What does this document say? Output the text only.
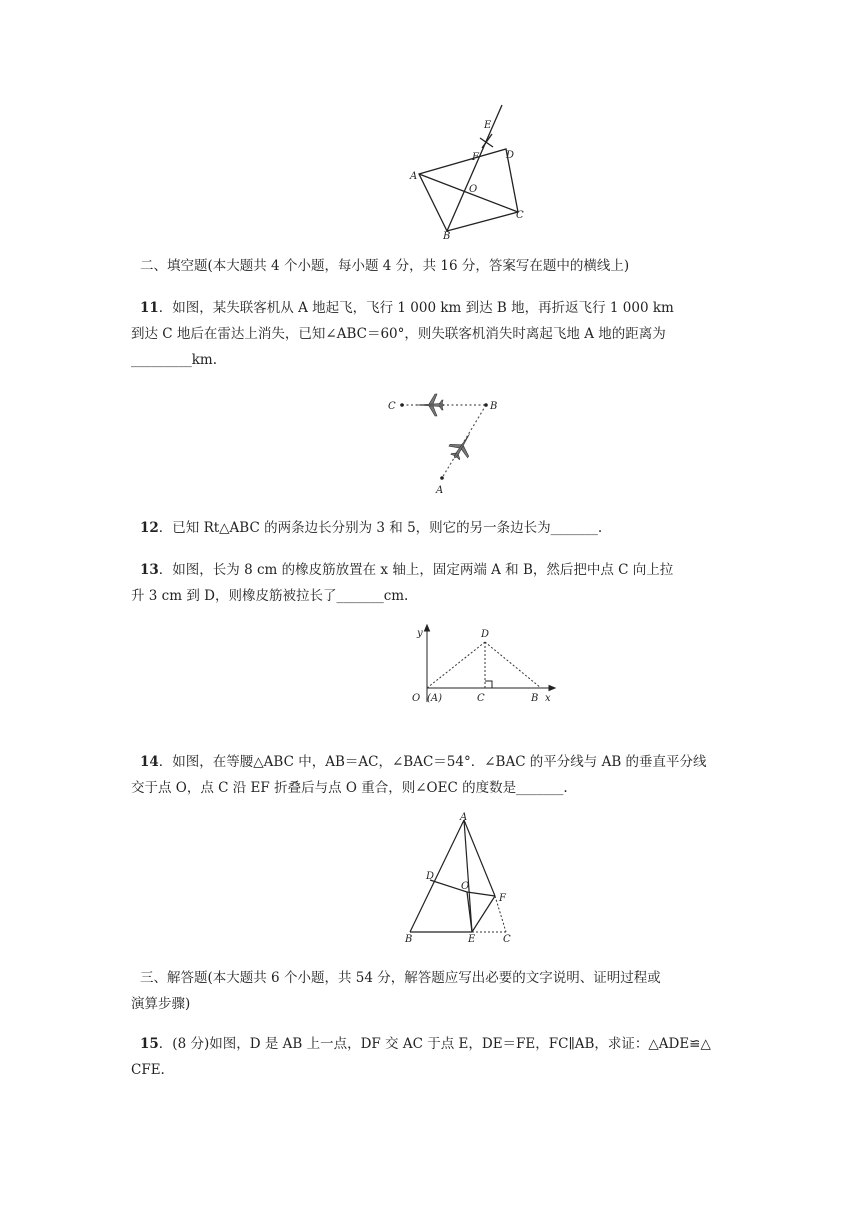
E
F	D
A
O
C
B
二、填空题(本大题共 4 个小题，每小题 4 分，共 16 分，答案写在题中的横线上)
11．如图，某失联客机从 A 地起飞，飞行 1 000 km 到达 B 地，再折返飞行 1 000 km
到达 C 地后在雷达上消失，已知∠ABC＝60°，则失联客机消失时离起飞地 A 地的距离为
_________km.
C	B
A
12．已知 Rt△ABC 的两条边长分别为 3 和 5，则它的另一条边长为_______.
13．如图，长为 8 cm 的橡皮筋放置在 x 轴上，固定两端 A 和 B，然后把中点 C 向上拉
升 3 cm 到 D，则橡皮筋被拉长了_______cm.
y	D
O (A)	C	B x
14．如图，在等腰△ABC 中，AB＝AC，∠BAC＝54°．∠BAC 的平分线与 AB 的垂直平分线
交于点 O，点 C 沿 EF 折叠后与点 O 重合，则∠OEC 的度数是_______.
A
D
O
F
B	E	C
三、解答题(本大题共 6 个小题，共 54 分，解答题应写出必要的文字说明、证明过程或
演算步骤)
15．(8 分)如图，D 是 AB 上一点，DF 交 AC 于点 E，DE＝FE，FC∥AB，求证：△ADE≌△
CFE.
